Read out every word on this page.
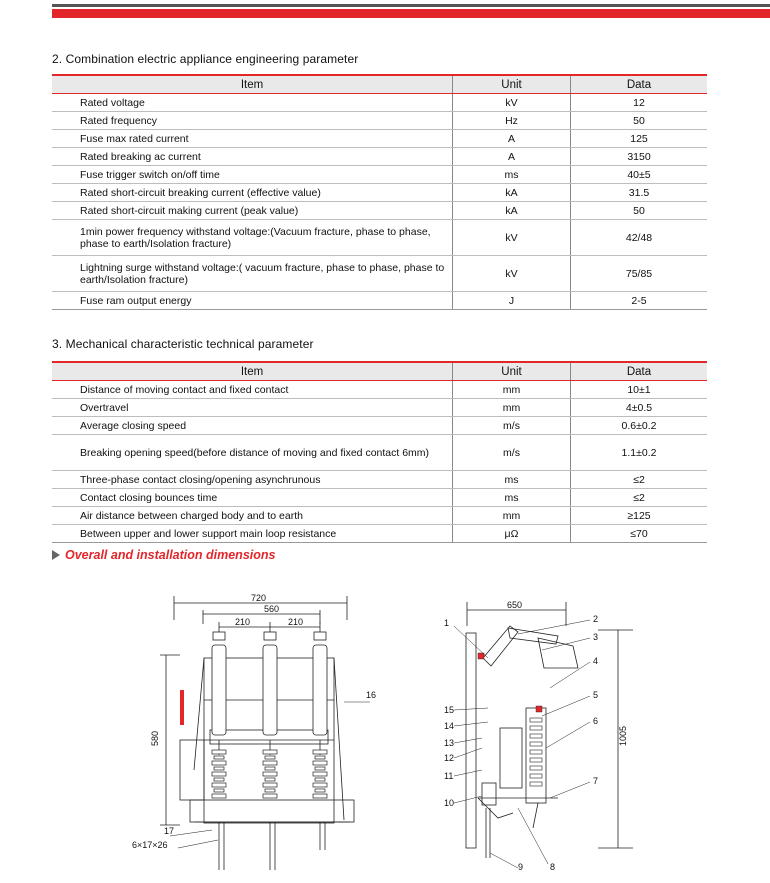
2. Combination electric appliance engineering parameter
Item	Unit	Data
Rated voltage	kV	12
Rated frequency	Hz	50
Fuse max rated current	A	125
Rated breaking ac current	A	3150
Fuse trigger switch on/off time	ms	40±5
Rated short-circuit breaking current (effective value)	kA	31.5
Rated short-circuit making current (peak value)	kA	50
1min power frequency withstand voltage:(Vacuum fracture, phase to phase, phase to earth/Isolation fracture)	kV	42/48
Lightning surge withstand voltage:( vacuum fracture, phase to phase, phase to earth/Isolation fracture)	kV	75/85
Fuse ram output energy	J	2-5
3. Mechanical characteristic technical parameter
Item	Unit	Data
Distance of moving contact and fixed contact	mm	10±1
Overtravel	mm	4±0.5
Average closing speed	m/s	0.6±0.2
Breaking opening speed(before distance of moving and fixed contact 6mm)	m/s	1.1±0.2
Three-phase contact closing/opening asynchrunous	ms	≤2
Contact closing bounces time	ms	≤2
Air distance between charged body and to earth	mm	≥125
Between upper and lower support main loop resistance	μΩ	≤70
Overall and installation dimensions
720
560
210	210
580
16
17
6×17×26
650
1005
1	2
3
4
5
6
7
8
9
10
11
12
13
14
15
